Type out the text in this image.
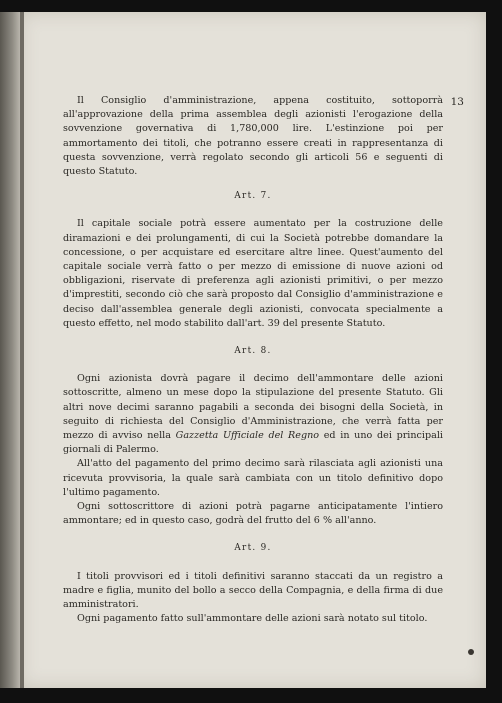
13

Il Consiglio d'amministrazione, appena costituito, sottoporrà all'approvazione della prima assemblea degli azionisti l'erogazione della sovvenzione governativa di 1,780,000 lire. L'estinzione poi per ammortamento dei titoli, che potranno essere creati in rappresentanza di questa sovvenzione, verrà regolato secondo gli articoli 56 e seguenti di questo Statuto.

Art. 7.

Il capitale sociale potrà essere aumentato per la costruzione delle diramazioni e dei prolungamenti, di cui la Società potrebbe domandare la concessione, o per acquistare ed esercitare altre linee. Quest'aumento del capitale sociale verrà fatto o per mezzo di emissione di nuove azioni od obbligazioni, riservate di preferenza agli azionisti primitivi, o per mezzo d'imprestiti, secondo ciò che sarà proposto dal Consiglio d'amministrazione e deciso dall'assemblea generale degli azionisti, convocata specialmente a questo effetto, nel modo stabilito dall'art. 39 del presente Statuto.

Art. 8.

Ogni azionista dovrà pagare il decimo dell'ammontare delle azioni sottoscritte, almeno un mese dopo la stipulazione del presente Statuto. Gli altri nove decimi saranno pagabili a seconda dei bisogni della Società, in seguito di richiesta del Consiglio d'Amministrazione, che verrà fatta per mezzo di avviso nella Gazzetta Ufficiale del Regno ed in uno dei principali giornali di Palermo.

All'atto del pagamento del primo decimo sarà rilasciata agli azionisti una ricevuta provvisoria, la quale sarà cambiata con un titolo definitivo dopo l'ultimo pagamento.

Ogni sottoscrittore di azioni potrà pagarne anticipatamente l'intiero ammontare; ed in questo caso, godrà del frutto del 6 % all'anno.

Art. 9.

I titoli provvisori ed i titoli definitivi saranno staccati da un registro a madre e figlia, munito del bollo a secco della Compagnia, e della firma di due amministratori.

Ogni pagamento fatto sull'ammontare delle azioni sarà notato sul titolo.
